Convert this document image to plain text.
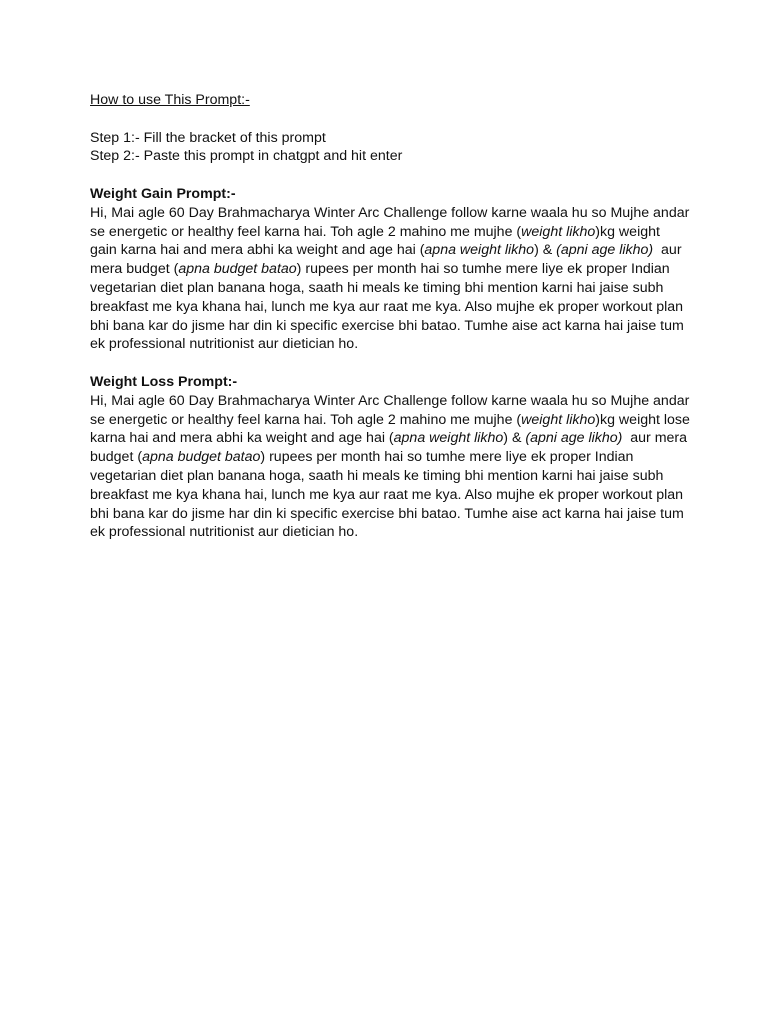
How to use This Prompt:-

Step 1:- Fill the bracket of this prompt

Step 2:- Paste this prompt in chatgpt and hit enter

Weight Gain Prompt:-

Hi, Mai agle 60 Day Brahmacharya Winter Arc Challenge follow karne waala hu so Mujhe andar se energetic or healthy feel karna hai. Toh agle 2 mahino me mujhe (weight likho)kg weight gain karna hai and mera abhi ka weight and age hai (apna weight likho) & (apni age likho)  aur mera budget (apna budget batao) rupees per month hai so tumhe mere liye ek proper Indian vegetarian diet plan banana hoga, saath hi meals ke timing bhi mention karni hai jaise subh breakfast me kya khana hai, lunch me kya aur raat me kya. Also mujhe ek proper workout plan bhi bana kar do jisme har din ki specific exercise bhi batao. Tumhe aise act karna hai jaise tum ek professional nutritionist aur dietician ho.

Weight Loss Prompt:-

Hi, Mai agle 60 Day Brahmacharya Winter Arc Challenge follow karne waala hu so Mujhe andar se energetic or healthy feel karna hai. Toh agle 2 mahino me mujhe (weight likho)kg weight lose karna hai and mera abhi ka weight and age hai (apna weight likho) & (apni age likho)  aur mera budget (apna budget batao) rupees per month hai so tumhe mere liye ek proper Indian vegetarian diet plan banana hoga, saath hi meals ke timing bhi mention karni hai jaise subh breakfast me kya khana hai, lunch me kya aur raat me kya. Also mujhe ek proper workout plan bhi bana kar do jisme har din ki specific exercise bhi batao. Tumhe aise act karna hai jaise tum ek professional nutritionist aur dietician ho.
